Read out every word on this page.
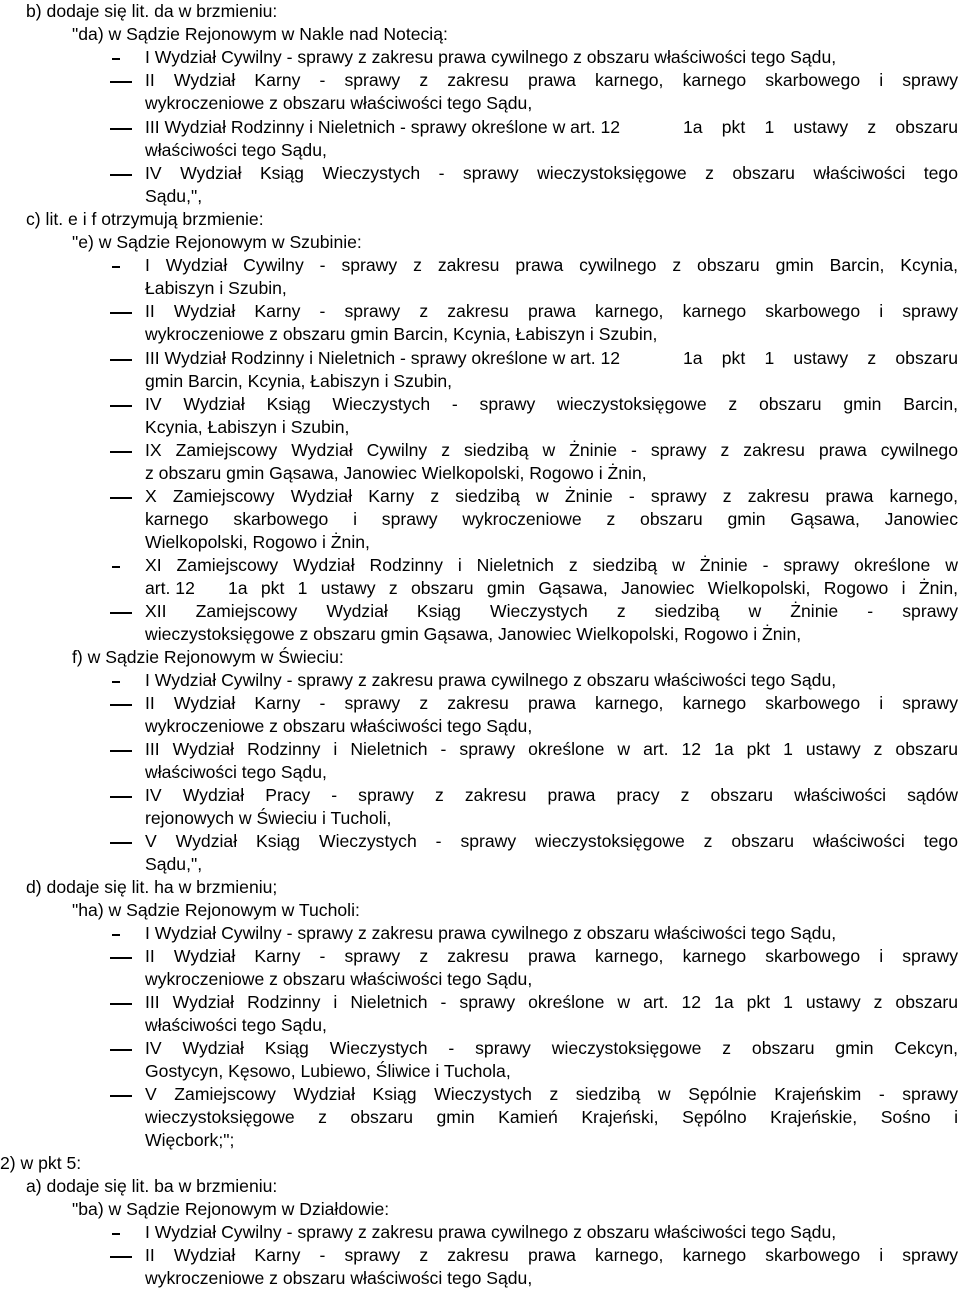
b) dodaje się lit. da w brzmieniu:
"da) w Sądzie Rejonowym w Nakle nad Notecią:
I Wydział Cywilny - sprawy z zakresu prawa cywilnego z obszaru właściwości tego Sądu,
II Wydział Karny - sprawy z zakresu prawa karnego, karnego skarbowego i sprawy
wykroczeniowe z obszaru właściwości tego Sądu,
III Wydział Rodzinny i Nieletnich - sprawy określone w art. 12	1a pkt 1 ustawy z obszaru
właściwości tego Sądu,
IV Wydział Ksiąg Wieczystych - sprawy wieczystoksięgowe z obszaru właściwości tego
Sądu,",
c) lit. e i f otrzymują brzmienie:
"e) w Sądzie Rejonowym w Szubinie:
I Wydział Cywilny - sprawy z zakresu prawa cywilnego z obszaru gmin Barcin, Kcynia,
Łabiszyn i Szubin,
II Wydział Karny - sprawy z zakresu prawa karnego, karnego skarbowego i sprawy
wykroczeniowe z obszaru gmin Barcin, Kcynia, Łabiszyn i Szubin,
III Wydział Rodzinny i Nieletnich - sprawy określone w art. 12	1a pkt 1 ustawy z obszaru
gmin Barcin, Kcynia, Łabiszyn i Szubin,
IV Wydział Ksiąg Wieczystych - sprawy wieczystoksięgowe z obszaru gmin Barcin,
Kcynia, Łabiszyn i Szubin,
IX Zamiejscowy Wydział Cywilny z siedzibą w Żninie - sprawy z zakresu prawa cywilnego
z obszaru gmin Gąsawa, Janowiec Wielkopolski, Rogowo i Żnin,
X Zamiejscowy Wydział Karny z siedzibą w Żninie - sprawy z zakresu prawa karnego,
karnego skarbowego i sprawy wykroczeniowe z obszaru gmin Gąsawa, Janowiec
Wielkopolski, Rogowo i Żnin,
XI Zamiejscowy Wydział Rodzinny i Nieletnich z siedzibą w Żninie - sprawy określone w
art. 12	1a pkt 1 ustawy z obszaru gmin Gąsawa, Janowiec Wielkopolski, Rogowo i Żnin,
XII Zamiejscowy Wydział Ksiąg Wieczystych z siedzibą w Żninie - sprawy
wieczystoksięgowe z obszaru gmin Gąsawa, Janowiec Wielkopolski, Rogowo i Żnin,
f) w Sądzie Rejonowym w Świeciu:
I Wydział Cywilny - sprawy z zakresu prawa cywilnego z obszaru właściwości tego Sądu,
II Wydział Karny - sprawy z zakresu prawa karnego, karnego skarbowego i sprawy
wykroczeniowe z obszaru właściwości tego Sądu,
III Wydział Rodzinny i Nieletnich - sprawy określone w art. 12 1a pkt 1 ustawy z obszaru
właściwości tego Sądu,
IV Wydział Pracy - sprawy z zakresu prawa pracy z obszaru właściwości sądów
rejonowych w Świeciu i Tucholi,
V Wydział Ksiąg Wieczystych - sprawy wieczystoksięgowe z obszaru właściwości tego
Sądu,",
d) dodaje się lit. ha w brzmieniu;
"ha) w Sądzie Rejonowym w Tucholi:
I Wydział Cywilny - sprawy z zakresu prawa cywilnego z obszaru właściwości tego Sądu,
II Wydział Karny - sprawy z zakresu prawa karnego, karnego skarbowego i sprawy
wykroczeniowe z obszaru właściwości tego Sądu,
III Wydział Rodzinny i Nieletnich - sprawy określone w art. 12 1a pkt 1 ustawy z obszaru
właściwości tego Sądu,
IV Wydział Ksiąg Wieczystych - sprawy wieczystoksięgowe z obszaru gmin Cekcyn,
Gostycyn, Kęsowo, Lubiewo, Śliwice i Tuchola,
V Zamiejscowy Wydział Ksiąg Wieczystych z siedzibą w Sępólnie Krajeńskim - sprawy
wieczystoksięgowe z obszaru gmin Kamień Krajeński, Sępólno Krajeńskie, Sośno i
Więcbork;";
2) w pkt 5:
a) dodaje się lit. ba w brzmieniu:
"ba) w Sądzie Rejonowym w Działdowie:
I Wydział Cywilny - sprawy z zakresu prawa cywilnego z obszaru właściwości tego Sądu,
II Wydział Karny - sprawy z zakresu prawa karnego, karnego skarbowego i sprawy
wykroczeniowe z obszaru właściwości tego Sądu,
